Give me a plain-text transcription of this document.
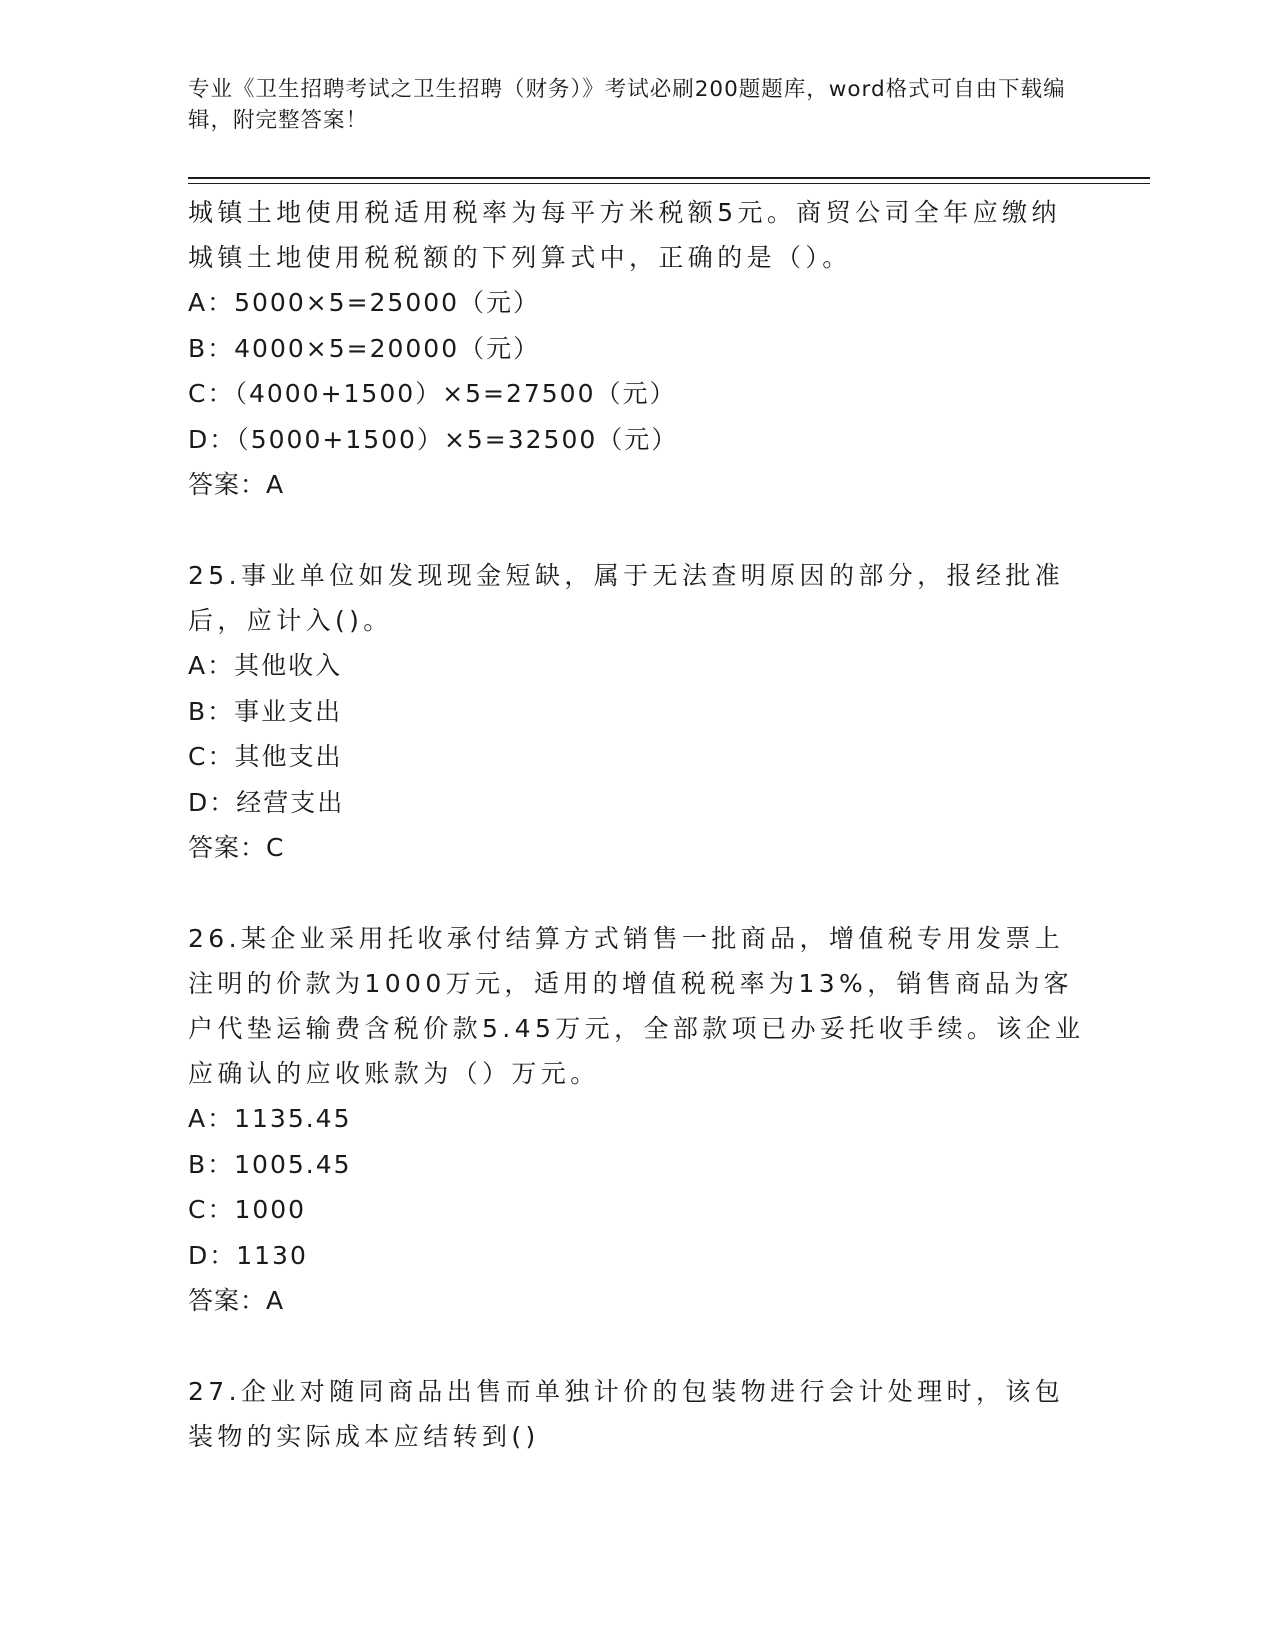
专业《卫生招聘考试之卫生招聘（财务）》考试必刷200题题库，word格式可自由下载编辑，附完整答案！
城镇土地使用税适用税率为每平方米税额5元。商贸公司全年应缴纳城镇土地使用税税额的下列算式中，正确的是（）。
A：5000×5=25000（元）
B：4000×5=20000（元）
C：（4000+1500）×5=27500（元）
D：（5000+1500）×5=32500（元）
答案：A
25.事业单位如发现现金短缺，属于无法查明原因的部分，报经批准后，应计入()。
A：其他收入
B：事业支出
C：其他支出
D：经营支出
答案：C
26.某企业采用托收承付结算方式销售一批商品，增值税专用发票上注明的价款为1000万元，适用的增值税税率为13%，销售商品为客户代垫运输费含税价款5.45万元，全部款项已办妥托收手续。该企业应确认的应收账款为（）万元。
A：1135.45
B：1005.45
C：1000
D：1130
答案：A
27.企业对随同商品出售而单独计价的包装物进行会计处理时，该包装物的实际成本应结转到()
